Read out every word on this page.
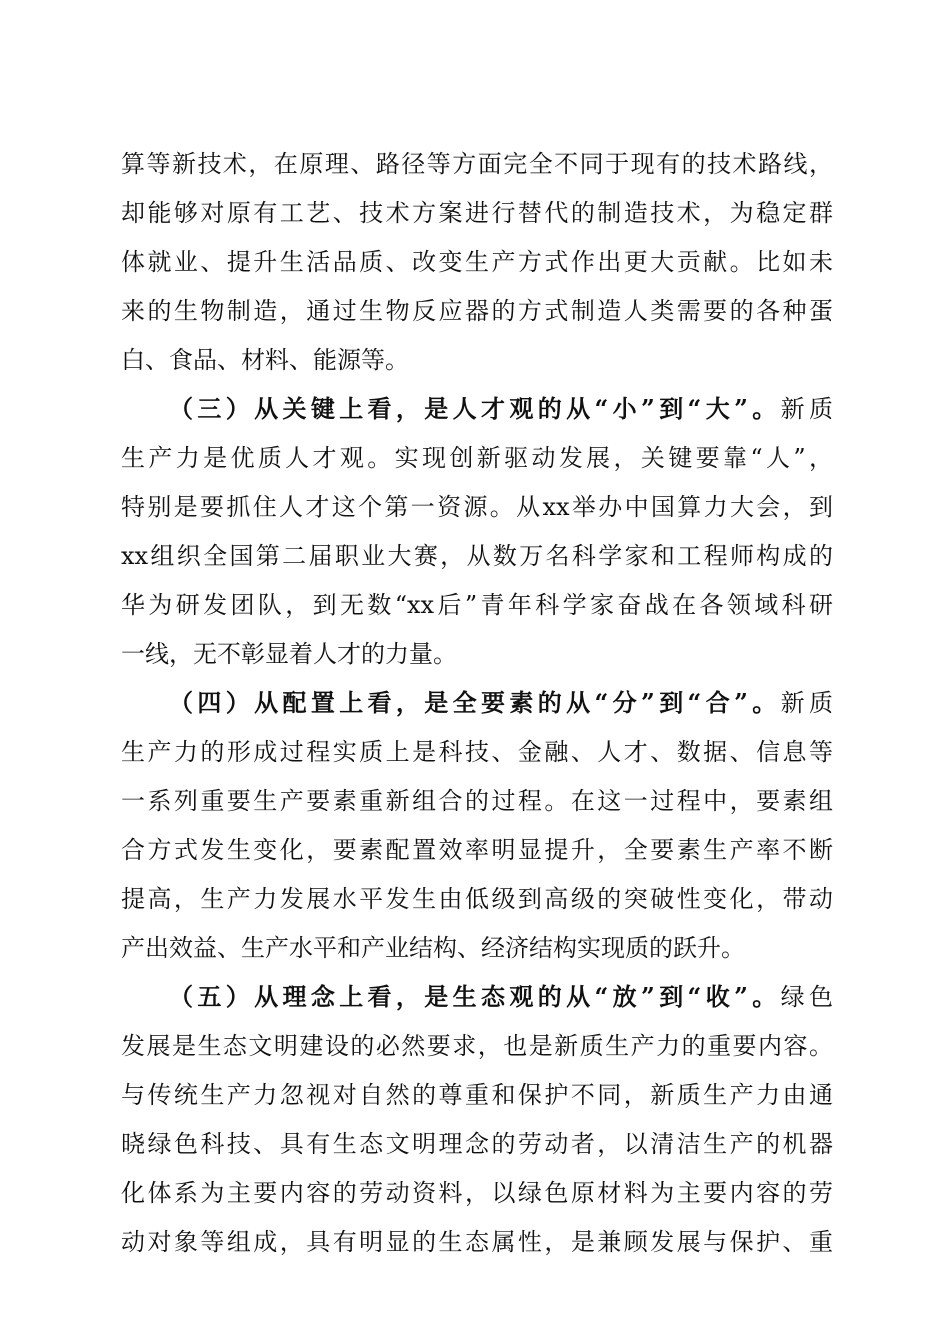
算等新技术，在原理、路径等方面完全不同于现有的技术路线，
却能够对原有工艺、技术方案进行替代的制造技术，为稳定群
体就业、提升生活品质、改变生产方式作出更大贡献。比如未
来的生物制造，通过生物反应器的方式制造人类需要的各种蛋
白、食品、材料、能源等。
（三）从关键上看，是人才观的从“小”到“大”。新质
生产力是优质人才观。实现创新驱动发展，关键要靠“人”，
特别是要抓住人才这个第一资源。从xx举办中国算力大会，到
xx组织全国第二届职业大赛，从数万名科学家和工程师构成的
华为研发团队，到无数“xx后”青年科学家奋战在各领域科研
一线，无不彰显着人才的力量。
（四）从配置上看，是全要素的从“分”到“合”。新质
生产力的形成过程实质上是科技、金融、人才、数据、信息等
一系列重要生产要素重新组合的过程。在这一过程中，要素组
合方式发生变化，要素配置效率明显提升，全要素生产率不断
提高，生产力发展水平发生由低级到高级的突破性变化，带动
产出效益、生产水平和产业结构、经济结构实现质的跃升。
（五）从理念上看，是生态观的从“放”到“收”。绿色
发展是生态文明建设的必然要求，也是新质生产力的重要内容。
与传统生产力忽视对自然的尊重和保护不同，新质生产力由通
晓绿色科技、具有生态文明理念的劳动者，以清洁生产的机器
化体系为主要内容的劳动资料，以绿色原材料为主要内容的劳
动对象等组成，具有明显的生态属性，是兼顾发展与保护、重
